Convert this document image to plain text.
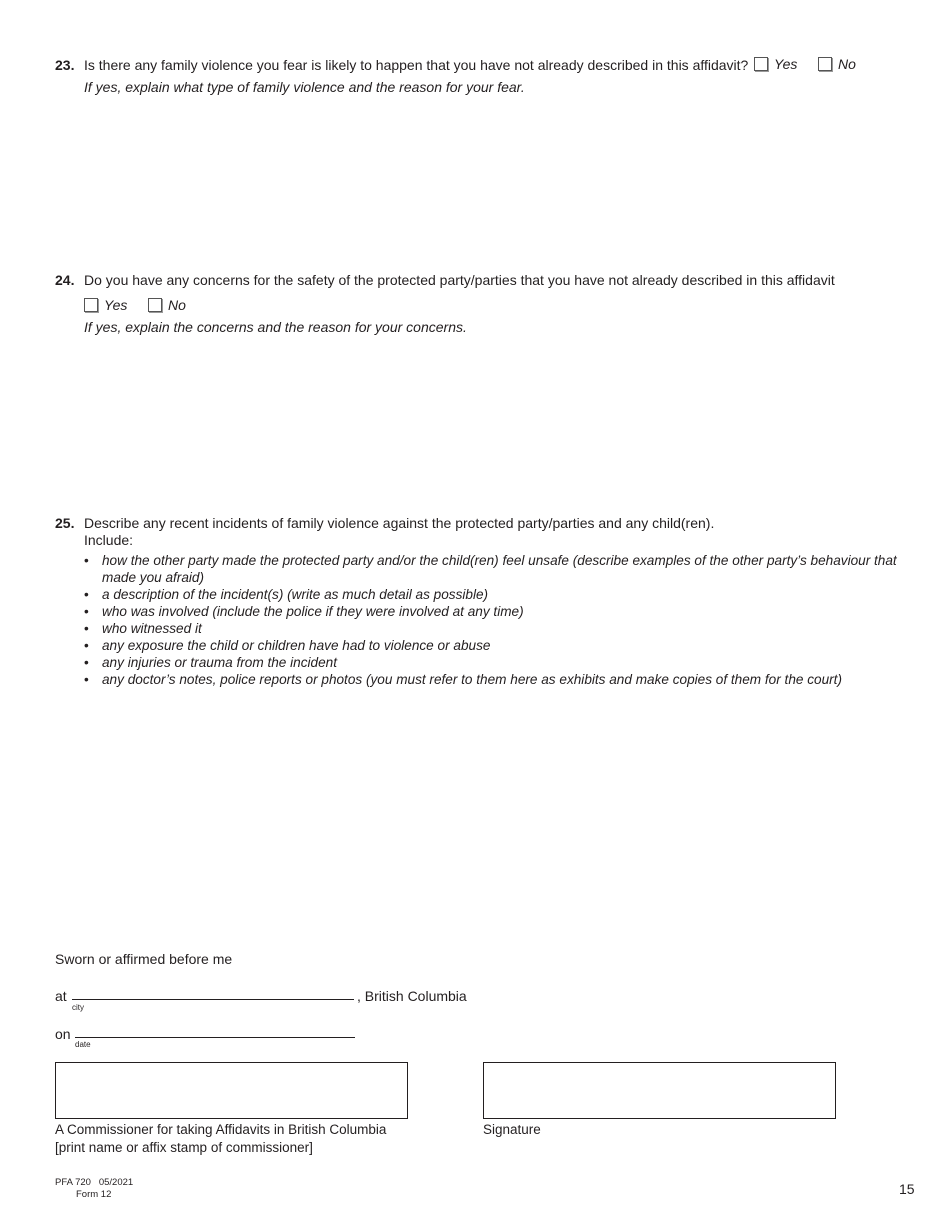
23. Is there any family violence you fear is likely to happen that you have not already described in this affidavit? Yes	No
If yes, explain what type of family violence and the reason for your fear.
24. Do you have any concerns for the safety of the protected party/parties that you have not already described in this affidavit
Yes	No
If yes, explain the concerns and the reason for your concerns.
25. Describe any recent incidents of family violence against the protected party/parties and any child(ren).
Include:
• how the other party made the protected party and/or the child(ren) feel unsafe (describe examples of the other party’s behaviour that made you afraid)
• a description of the incident(s) (write as much detail as possible)
• who was involved (include the police if they were involved at any time)
• who witnessed it
• any exposure the child or children have had to violence or abuse
• any injuries or trauma from the incident
• any doctor’s notes, police reports or photos (you must refer to them here as exhibits and make copies of them for the court)
Sworn or affirmed before me
at
city
, British Columbia
on
date
A Commissioner for taking Affidavits in British Columbia
[print name or affix stamp of commissioner]
Signature
PFA 720   05/2021
Form 12	15
